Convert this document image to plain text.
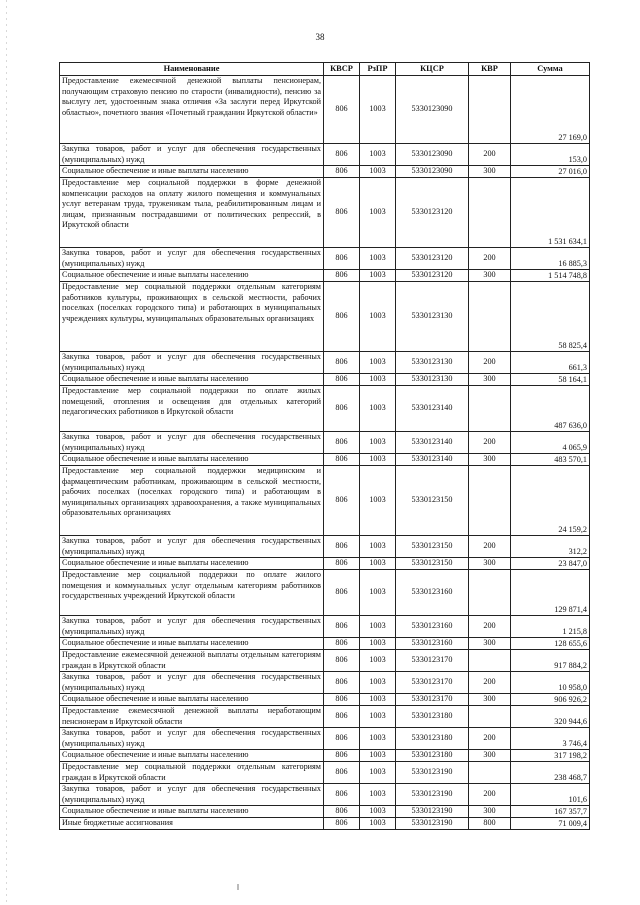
38
Наименование	КВСР	РзПР	КЦСР	КВР	Сумма
Предоставление ежемесячной денежной выплаты пенсионерам, получающим страховую пенсию по старости (инвалидности), пенсию за выслугу лет, удостоенным знака отличия «За заслуги перед Иркутской областью», почетного звания «Почетный гражданин Иркутской области»	806	1003	5330123090		27 169,0
Закупка товаров, работ и услуг для обеспечения государственных (муниципальных) нужд	806	1003	5330123090	200	153,0
Социальное обеспечение и иные выплаты населению	806	1003	5330123090	300	27 016,0
Предоставление мер социальной поддержки в форме денежной компенсации расходов на оплату жилого помещения и коммунальных услуг ветеранам труда, труженикам тыла, реабилитированным лицам и лицам, признанным пострадавшими от политических репрессий, в Иркутской области	806	1003	5330123120		1 531 634,1
Закупка товаров, работ и услуг для обеспечения государственных (муниципальных) нужд	806	1003	5330123120	200	16 885,3
Социальное обеспечение и иные выплаты населению	806	1003	5330123120	300	1 514 748,8
Предоставление мер социальной поддержки отдельным категориям работников культуры, проживающих в сельской местности, рабочих поселках (поселках городского типа) и работающих в муниципальных учреждениях культуры, муниципальных образовательных организациях	806	1003	5330123130		58 825,4
Закупка товаров, работ и услуг для обеспечения государственных (муниципальных) нужд	806	1003	5330123130	200	661,3
Социальное обеспечение и иные выплаты населению	806	1003	5330123130	300	58 164,1
Предоставление мер социальной поддержки по оплате жилых помещений, отопления и освещения для отдельных категорий педагогических работников в Иркутской области	806	1003	5330123140		487 636,0
Закупка товаров, работ и услуг для обеспечения государственных (муниципальных) нужд	806	1003	5330123140	200	4 065,9
Социальное обеспечение и иные выплаты населению	806	1003	5330123140	300	483 570,1
Предоставление мер социальной поддержки медицинским и фармацевтическим работникам, проживающим в сельской местности, рабочих поселках (поселках городского типа) и работающим в муниципальных организациях здравоохранения, а также муниципальных образовательных организациях	806	1003	5330123150		24 159,2
Закупка товаров, работ и услуг для обеспечения государственных (муниципальных) нужд	806	1003	5330123150	200	312,2
Социальное обеспечение и иные выплаты населению	806	1003	5330123150	300	23 847,0
Предоставление мер социальной поддержки по оплате жилого помещения и коммунальных услуг отдельным категориям работников государственных учреждений Иркутской области	806	1003	5330123160		129 871,4
Закупка товаров, работ и услуг для обеспечения государственных (муниципальных) нужд	806	1003	5330123160	200	1 215,8
Социальное обеспечение и иные выплаты населению	806	1003	5330123160	300	128 655,6
Предоставление ежемесячной денежной выплаты отдельным категориям граждан в Иркутской области	806	1003	5330123170		917 884,2
Закупка товаров, работ и услуг для обеспечения государственных (муниципальных) нужд	806	1003	5330123170	200	10 958,0
Социальное обеспечение и иные выплаты населению	806	1003	5330123170	300	906 926,2
Предоставление ежемесячной денежной выплаты неработающим пенсионерам в Иркутской области	806	1003	5330123180		320 944,6
Закупка товаров, работ и услуг для обеспечения государственных (муниципальных) нужд	806	1003	5330123180	200	3 746,4
Социальное обеспечение и иные выплаты населению	806	1003	5330123180	300	317 198,2
Предоставление мер социальной поддержки отдельным категориям граждан в Иркутской области	806	1003	5330123190		238 468,7
Закупка товаров, работ и услуг для обеспечения государственных (муниципальных) нужд	806	1003	5330123190	200	101,6
Социальное обеспечение и иные выплаты населению	806	1003	5330123190	300	167 357,7
Иные бюджетные ассигнования	806	1003	5330123190	800	71 009,4
